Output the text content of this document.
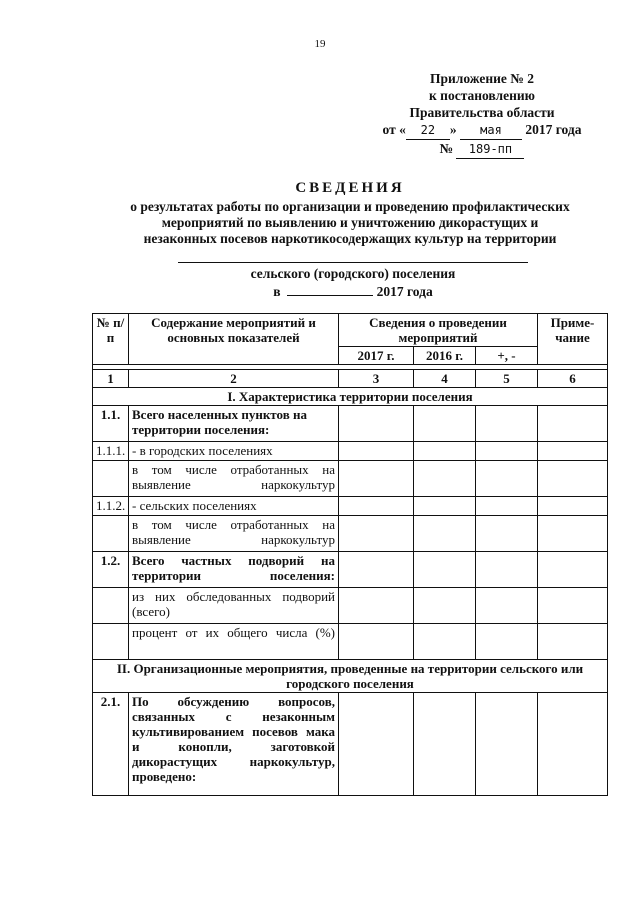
19
Приложение № 2
к постановлению
Правительства области
от « 22 » мая 2017 года
№ 189-пп
СВЕДЕНИЯ
о результатах работы по организации и проведению профилактических
мероприятий по выявлению и уничтожению дикорастущих и
незаконных посевов наркотикосодержащих культур на территории
сельского (городского) поселения
в	2017 года
№ п/п	Содержание мероприятий и основных показателей	Сведения о проведении мероприятий			Приме-чание
		2017 г.	2016 г.	+, -	

1	2	3	4	5	6
I. Характеристика территории поселения					
1.1.	Всего населенных пунктов на территории поселения:				
1.1.1.	- в городских поселениях				
	в том числе отработанных на выявление наркокультур				
1.1.2.	- сельских поселениях				
	в том числе отработанных на выявление наркокультур				
1.2.	Всего частных подворий на территории поселения:				
	из них обследованных подворий (всего)				
	процент от их общего числа (%)				
II. Организационные мероприятия, проведенные на территории сельского или городского поселения					
2.1.	По обсуждению вопросов, связанных с незаконным культивированием посевов мака и конопли, заготовкой дикорастущих наркокультур, проведено:				
